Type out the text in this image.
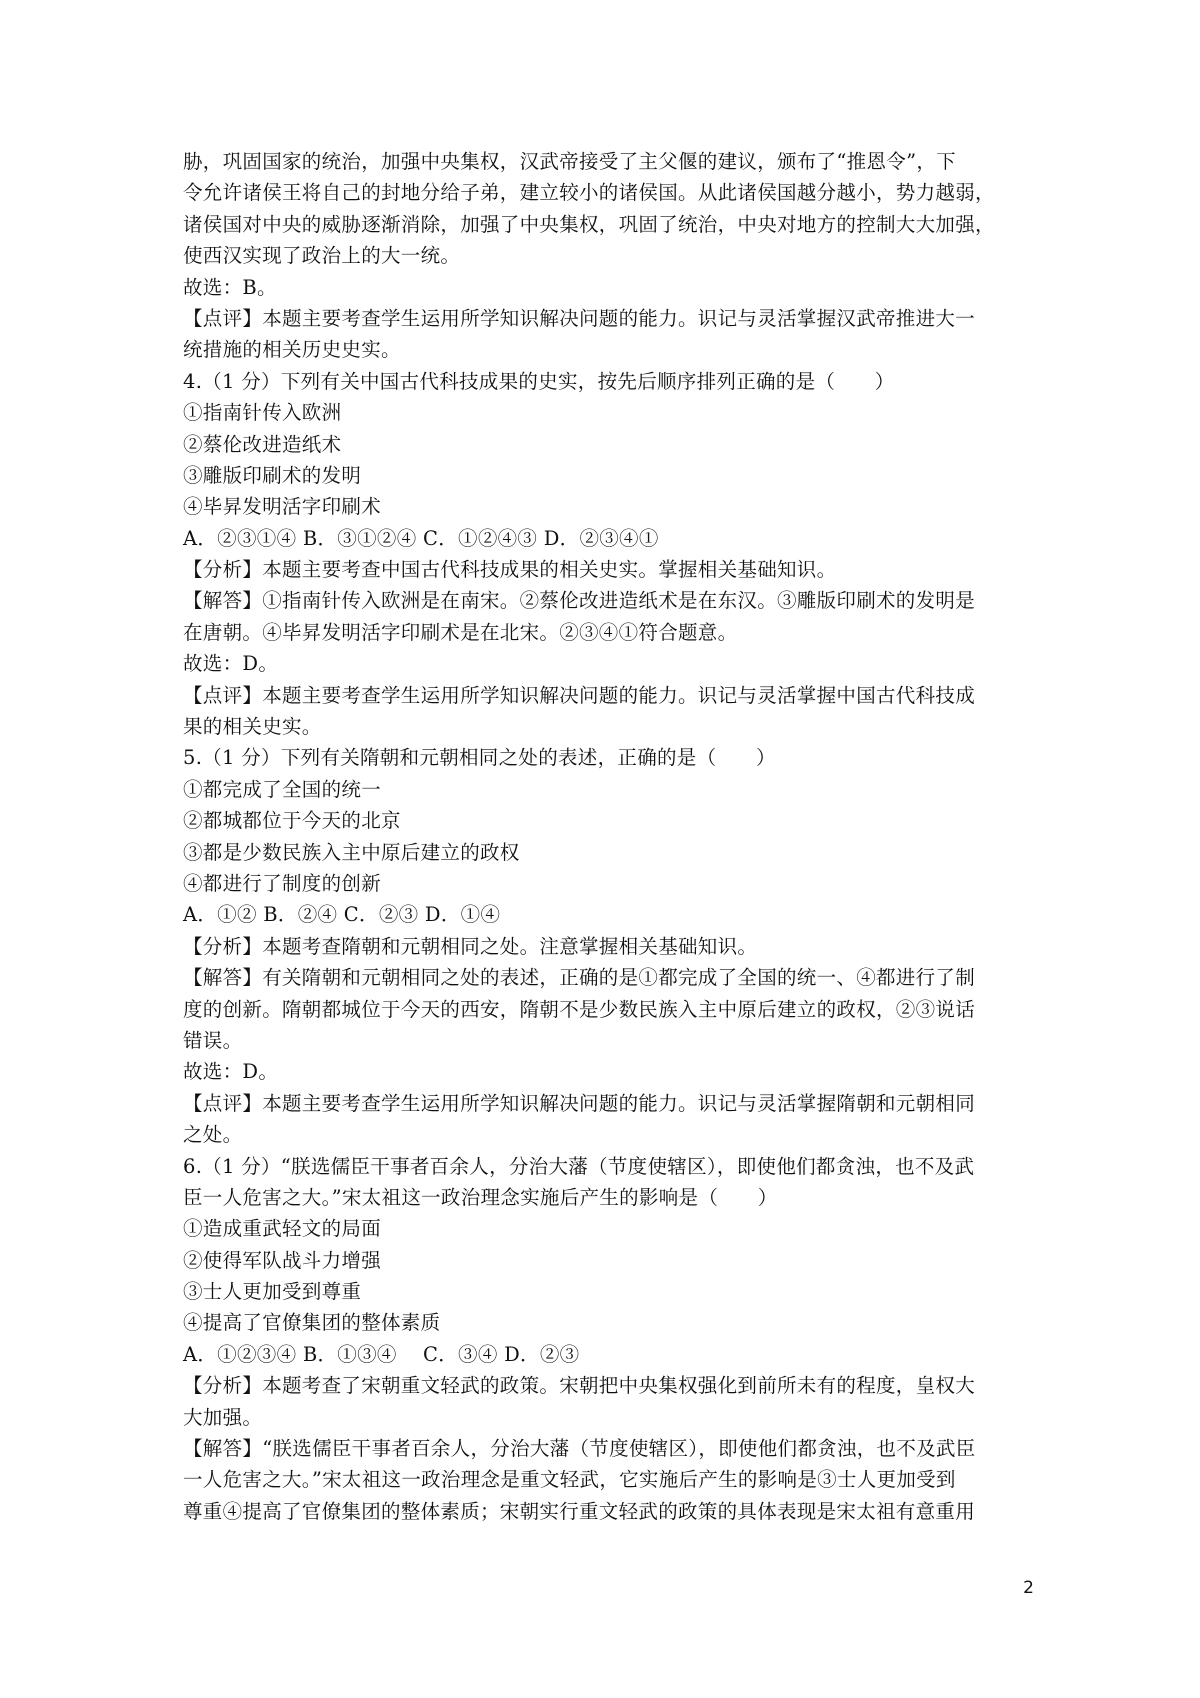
胁，巩固国家的统治，加强中央集权，汉武帝接受了主父偃的建议，颁布了“推恩令”，下
令允许诸侯王将自己的封地分给子弟，建立较小的诸侯国。从此诸侯国越分越小，势力越弱，
诸侯国对中央的威胁逐渐消除，加强了中央集权，巩固了统治，中央对地方的控制大大加强，
使西汉实现了政治上的大一统。
故选：B。
【点评】本题主要考查学生运用所学知识解决问题的能力。识记与灵活掌握汉武帝推进大一
统措施的相关历史史实。
4.（1 分）下列有关中国古代科技成果的史实，按先后顺序排列正确的是（　　）
①指南针传入欧洲
②蔡伦改进造纸术
③雕版印刷术的发明
④毕昇发明活字印刷术
A．②③①④ B．③①②④ C．①②④③ D．②③④①
【分析】本题主要考查中国古代科技成果的相关史实。掌握相关基础知识。
【解答】①指南针传入欧洲是在南宋。②蔡伦改进造纸术是在东汉。③雕版印刷术的发明是
在唐朝。④毕昇发明活字印刷术是在北宋。②③④①符合题意。
故选：D。
【点评】本题主要考查学生运用所学知识解决问题的能力。识记与灵活掌握中国古代科技成
果的相关史实。
5.（1 分）下列有关隋朝和元朝相同之处的表述，正确的是（　　）
①都完成了全国的统一
②都城都位于今天的北京
③都是少数民族入主中原后建立的政权
④都进行了制度的创新
A．①② B．②④ C．②③ D．①④
【分析】本题考查隋朝和元朝相同之处。注意掌握相关基础知识。
【解答】有关隋朝和元朝相同之处的表述，正确的是①都完成了全国的统一、④都进行了制
度的创新。隋朝都城位于今天的西安，隋朝不是少数民族入主中原后建立的政权，②③说话
错误。
故选：D。
【点评】本题主要考查学生运用所学知识解决问题的能力。识记与灵活掌握隋朝和元朝相同
之处。
6.（1 分）“朕选儒臣干事者百余人，分治大藩（节度使辖区），即使他们都贪浊，也不及武
臣一人危害之大。”宋太祖这一政治理念实施后产生的影响是（　　）
①造成重武轻文的局面
②使得军队战斗力增强
③士人更加受到尊重
④提高了官僚集团的整体素质
A．①②③④ B．①③④　 C．③④ D．②③
【分析】本题考查了宋朝重文轻武的政策。宋朝把中央集权强化到前所未有的程度，皇权大
大加强。
【解答】“朕选儒臣干事者百余人，分治大藩（节度使辖区），即使他们都贪浊，也不及武臣
一人危害之大。”宋太祖这一政治理念是重文轻武，它实施后产生的影响是③士人更加受到
尊重④提高了官僚集团的整体素质；宋朝实行重文轻武的政策的具体表现是宋太祖有意重用
2
